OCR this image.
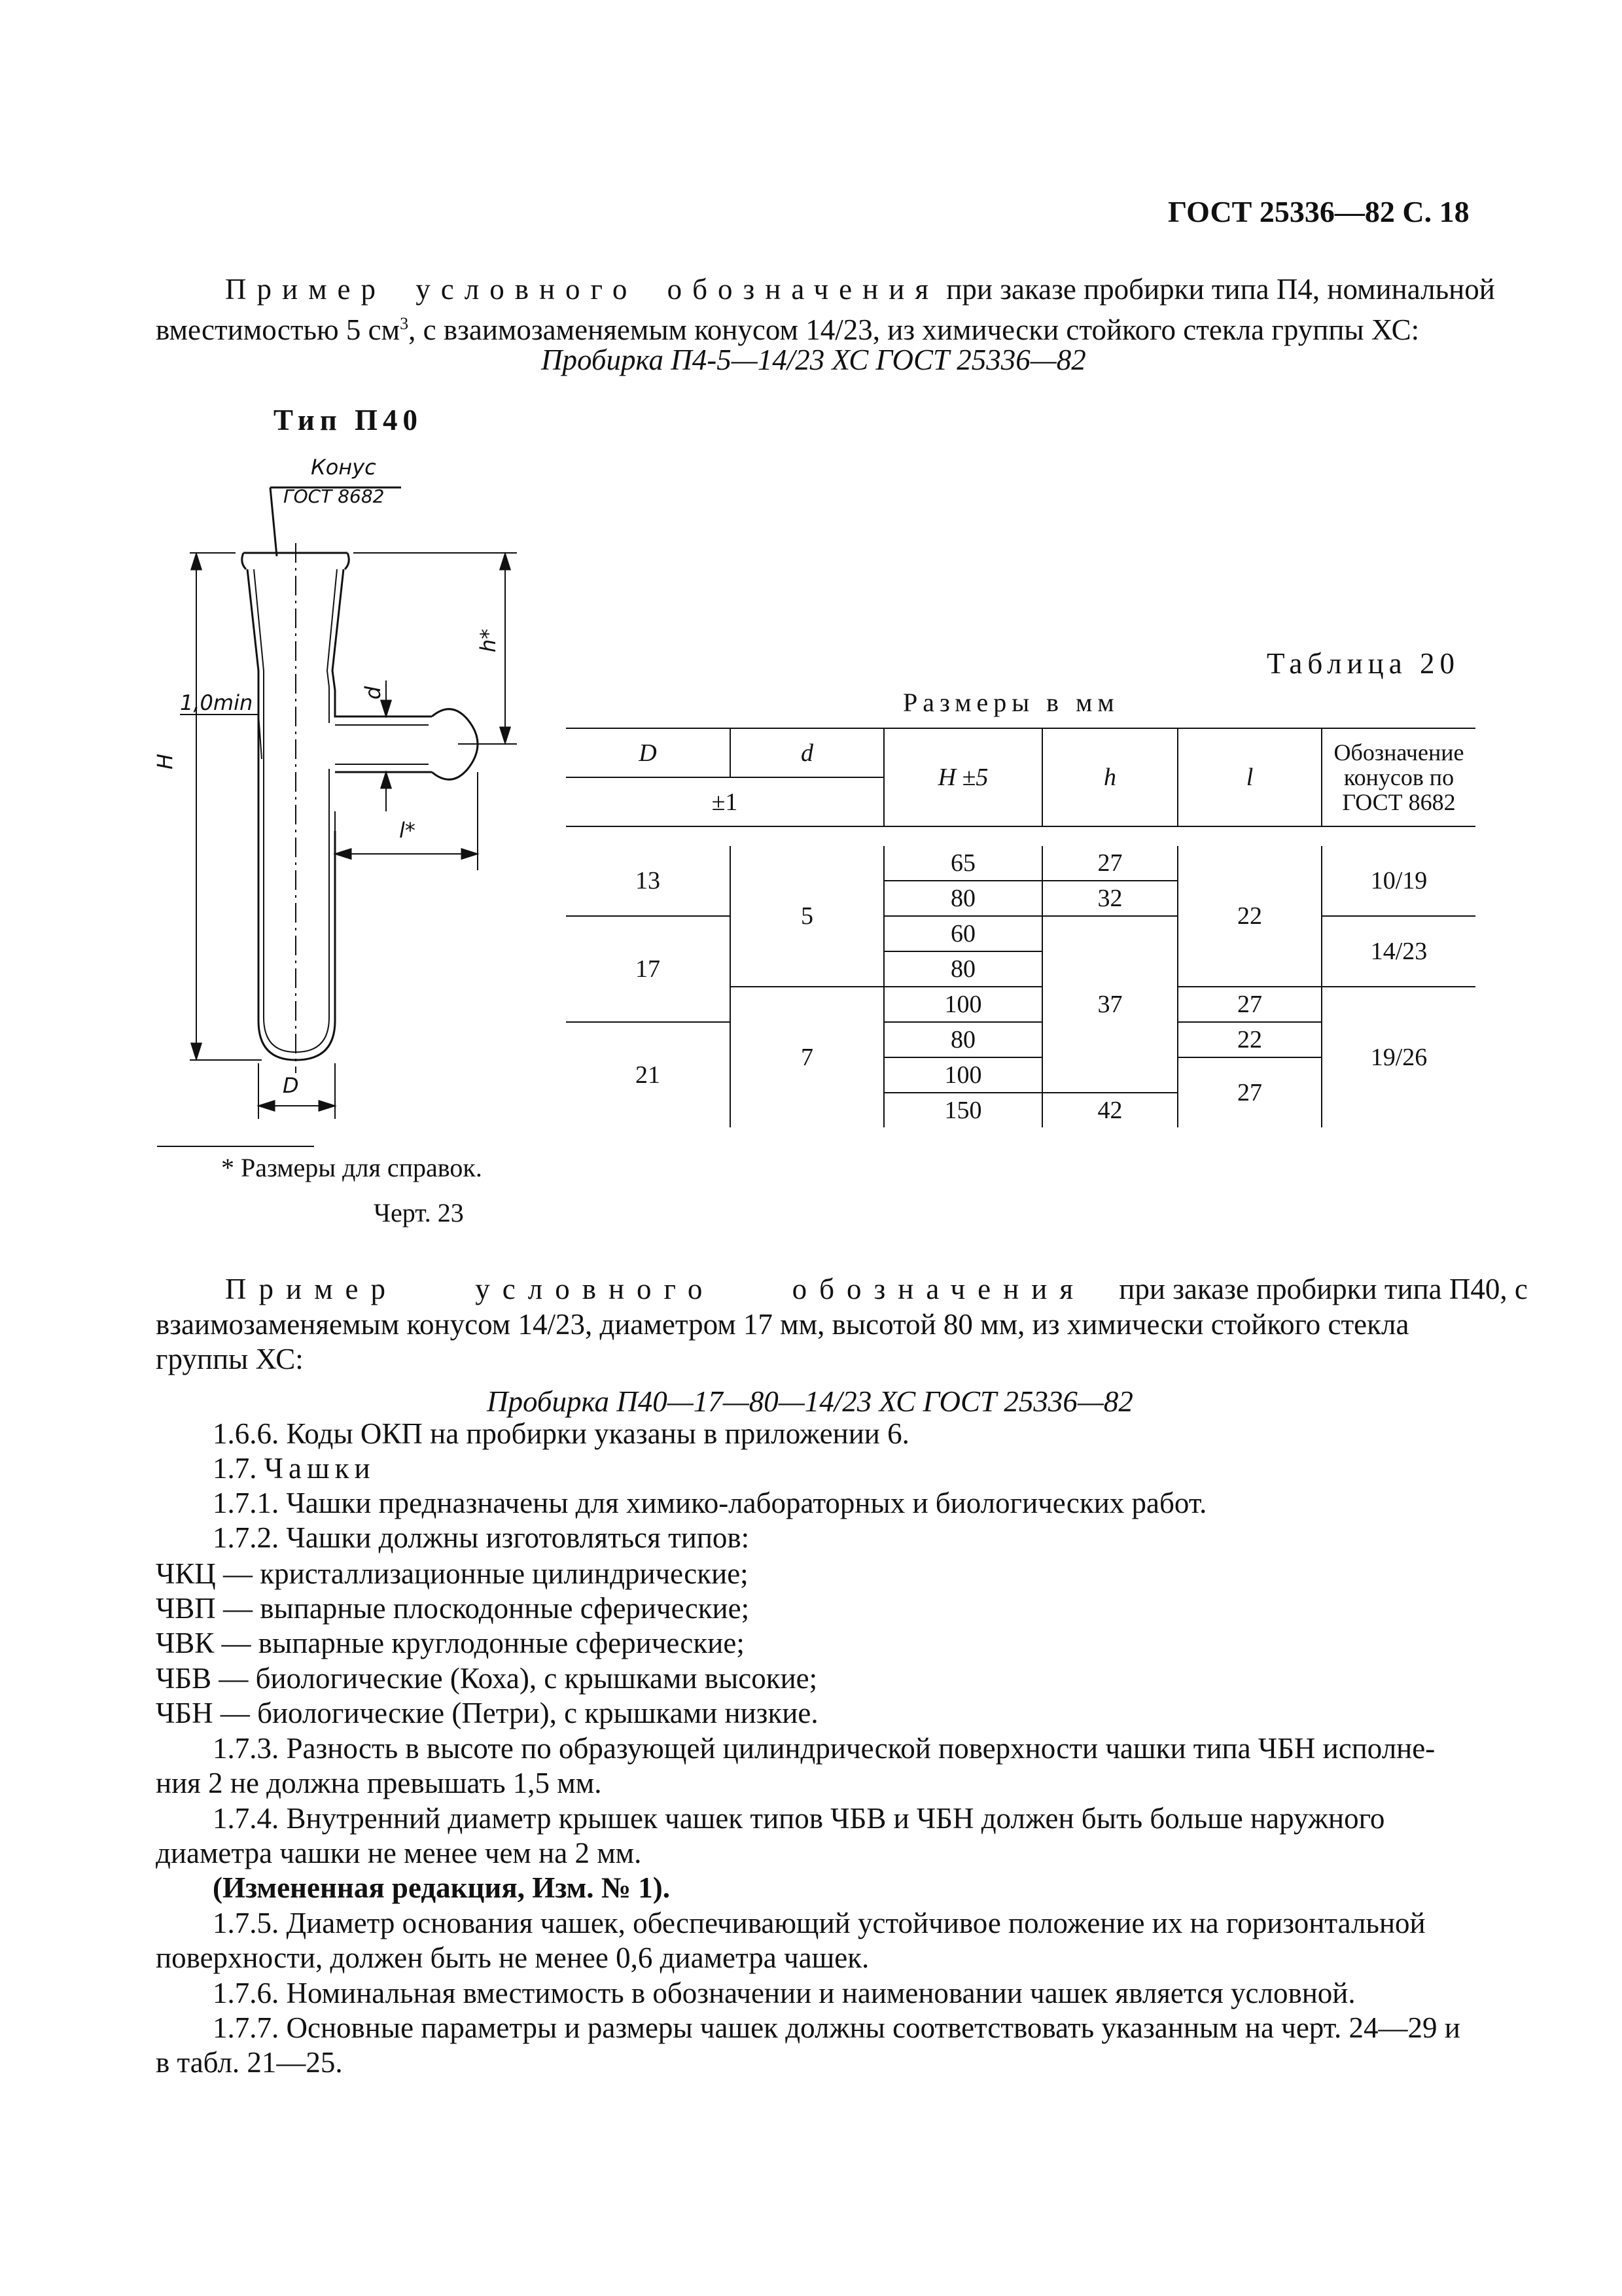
ГОСТ 25336—82 С. 18
Пример условного обозначения при заказе пробирки типа П4, номинальной
вместимостью 5 $см^3$, с взаимозаменяемым конусом 14/23, из химически стойкого стекла группы ХС:
Пробирка П4-5—14/23 ХС ГОСТ 25336—82
Тип П40
Конус
ГОСТ 8682
1,0min
H
h*
d
l*
D
Таблица 20
Размеры в мм
D	d	H ±5	h	l	Обозначение
конусов по
ГОСТ 8682

±1					

13	5	65	27	22	10/19
		80	32		
17		60	37		14/23
		80			
	7	100		27	19/26
21		80		22	
		100		27	
		150	42		
* Размеры для справок.
Черт. 23
Пример условного обозначения при заказе пробирки типа П40, с
взаимозаменяемым конусом 14/23, диаметром 17 мм, высотой 80 мм, из химически стойкого стекла
группы ХС:
Пробирка П40—17—80—14/23 ХС ГОСТ 25336—82
1.6.6. Коды ОКП на пробирки указаны в приложении 6.
1.7. Чашки
1.7.1. Чашки предназначены для химико-лабораторных и биологических работ.
1.7.2. Чашки должны изготовляться типов:
ЧКЦ — кристаллизационные цилиндрические;
ЧВП — выпарные плоскодонные сферические;
ЧВК — выпарные круглодонные сферические;
ЧБВ — биологические (Коха), с крышками высокие;
ЧБН — биологические (Петри), с крышками низкие.
1.7.3. Разность в высоте по образующей цилиндрической поверхности чашки типа ЧБН исполне-
ния 2 не должна превышать 1,5 мм.
1.7.4. Внутренний диаметр крышек чашек типов ЧБВ и ЧБН должен быть больше наружного
диаметра чашки не менее чем на 2 мм.
(Измененная редакция, Изм. № 1).
1.7.5. Диаметр основания чашек, обеспечивающий устойчивое положение их на горизонтальной
поверхности, должен быть не менее 0,6 диаметра чашек.
1.7.6. Номинальная вместимость в обозначении и наименовании чашек является условной.
1.7.7. Основные параметры и размеры чашек должны соответствовать указанным на черт. 24—29 и
в табл. 21—25.
